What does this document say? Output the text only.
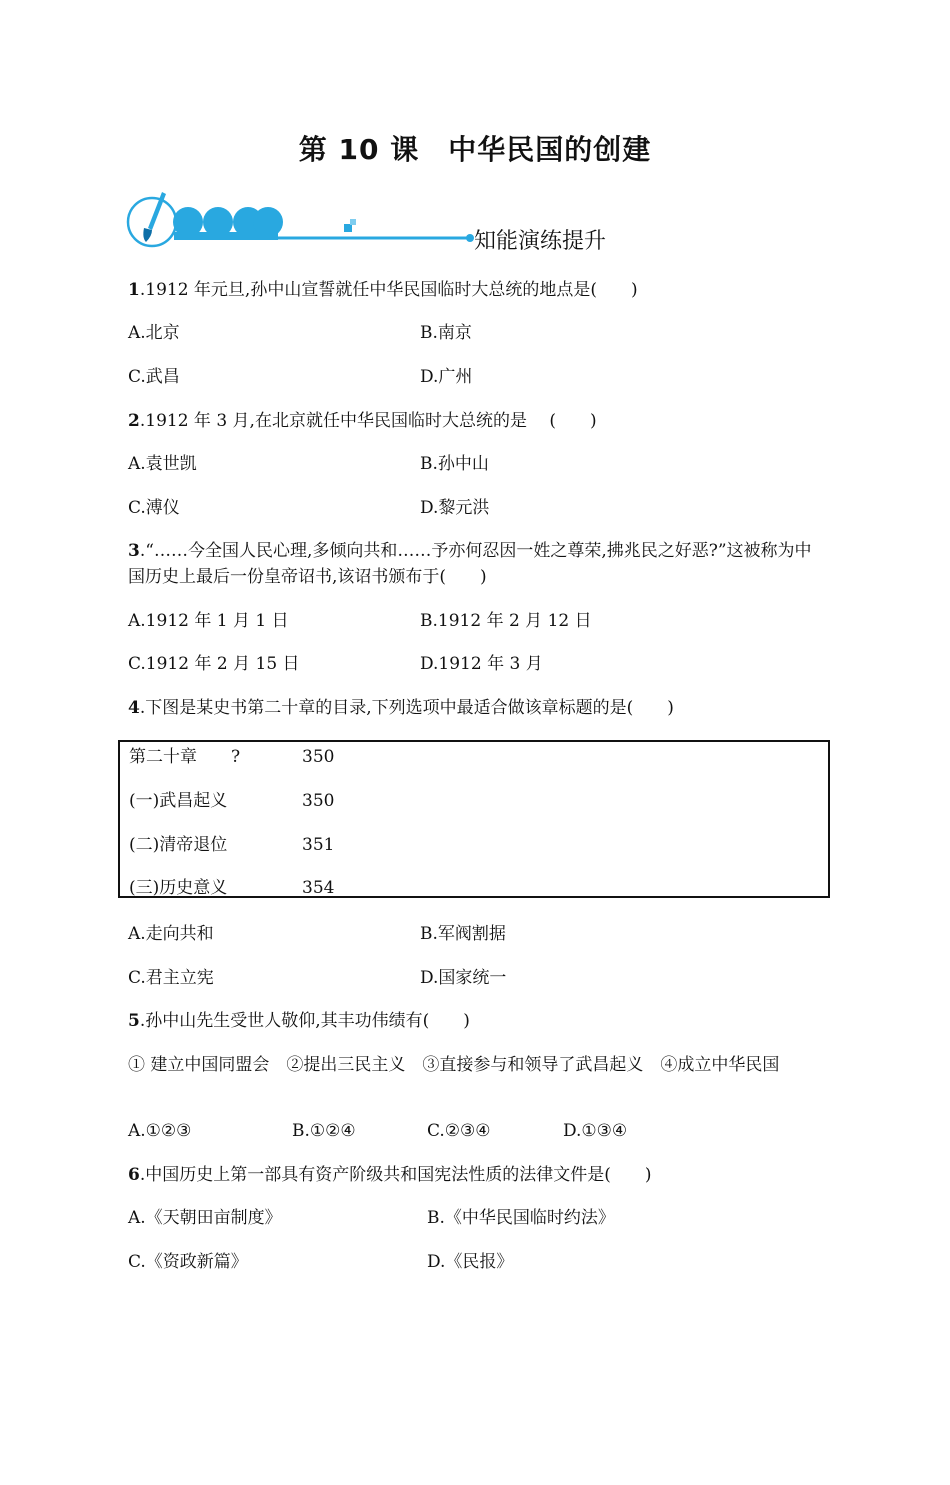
第 10 课　中华民国的创建
知能演练提升
1.1912 年元旦,孙中山宣誓就任中华民国临时大总统的地点是(　　)
A.北京	B.南京
C.武昌	D.广州
2.1912 年 3 月,在北京就任中华民国临时大总统的是　 (　　)
A.袁世凯	B.孙中山
C.溥仪	D.黎元洪
3.“……今全国人民心理,多倾向共和……予亦何忍因一姓之尊荣,拂兆民之好恶?”这被称为中国历史上最后一份皇帝诏书,该诏书颁布于(　　)
A.1912 年 1 月 1 日	B.1912 年 2 月 12 日
C.1912 年 2 月 15 日	D.1912 年 3 月
4.下图是某史书第二十章的目录,下列选项中最适合做该章标题的是(　　)
第二十章　　?	350
(一)武昌起义	350
(二)清帝退位	351
(三)历史意义	354
A.走向共和	B.军阀割据
C.君主立宪	D.国家统一
5.孙中山先生受世人敬仰,其丰功伟绩有(　　)
① 建立中国同盟会　②提出三民主义　③直接参与和领导了武昌起义　④成立中华民国
A.①②③	B.①②④	C.②③④	D.①③④
6.中国历史上第一部具有资产阶级共和国宪法性质的法律文件是(　　)
A.《天朝田亩制度》	B.《中华民国临时约法》
C.《资政新篇》	D.《民报》
